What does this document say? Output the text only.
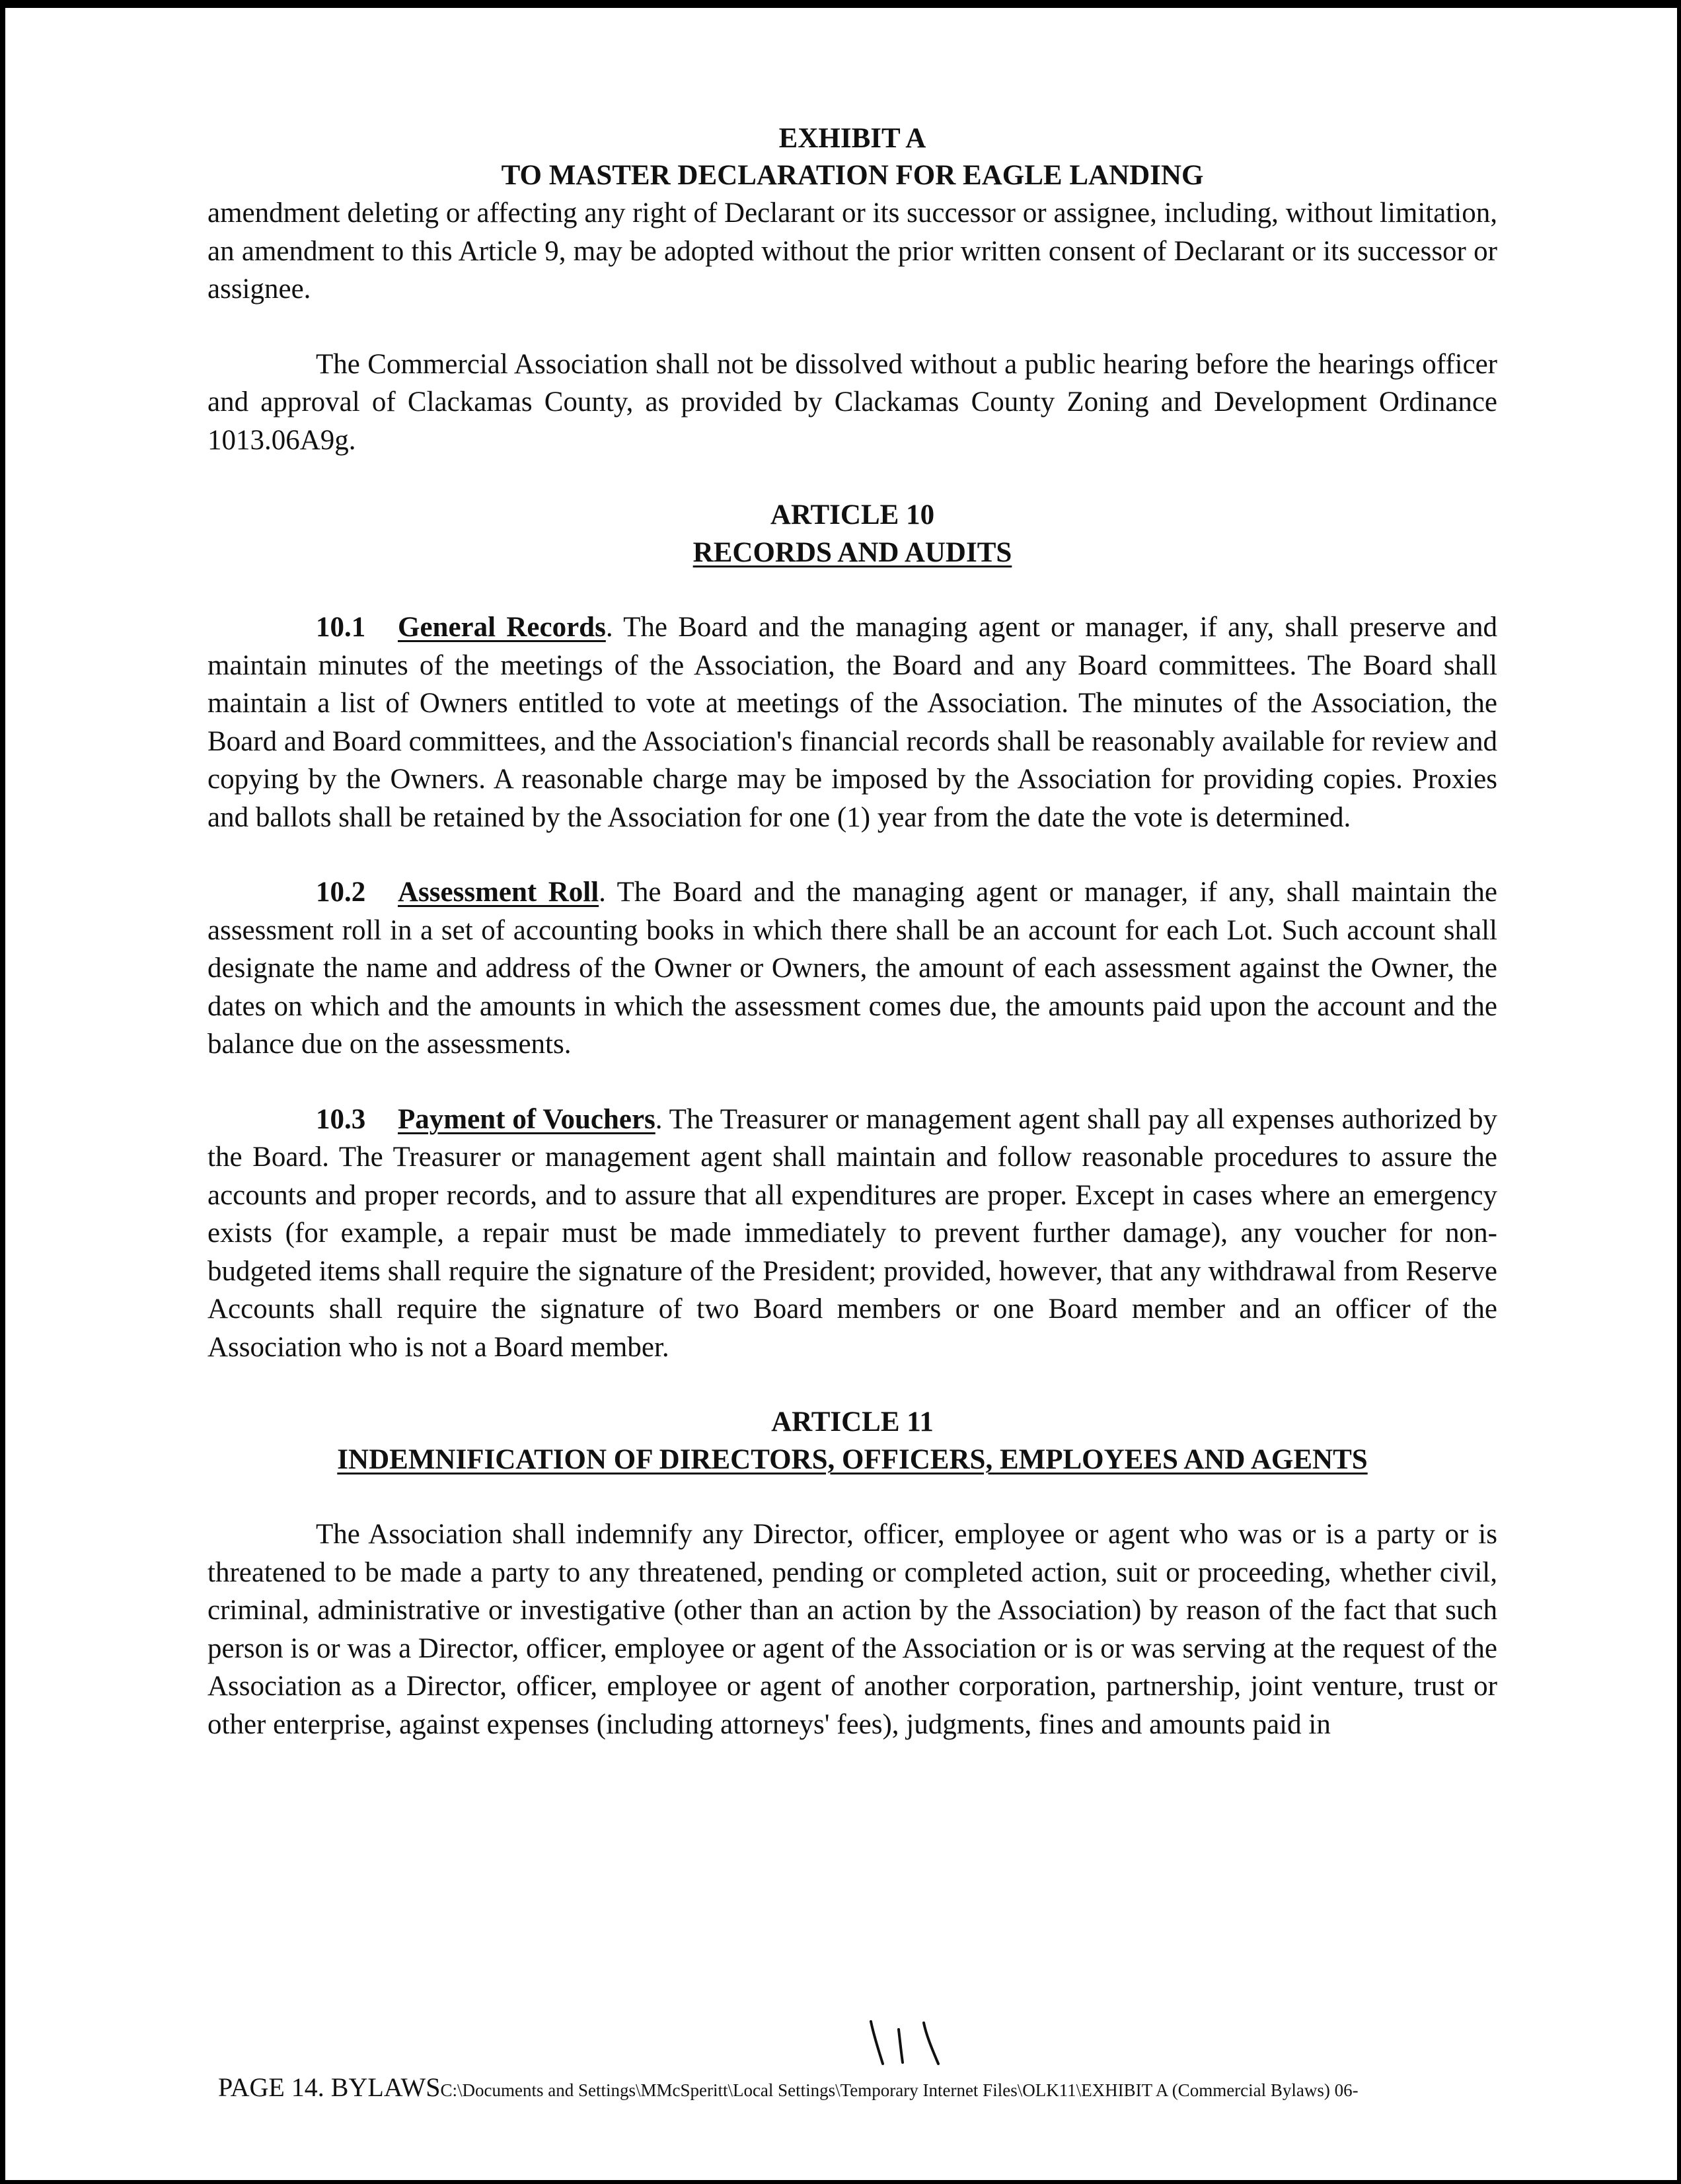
EXHIBIT A

TO MASTER DECLARATION FOR EAGLE LANDING

amendment deleting or affecting any right of Declarant or its successor or assignee, including, without limitation, an amendment to this Article 9, may be adopted without the prior written consent of Declarant or its successor or assignee.

The Commercial Association shall not be dissolved without a public hearing before the hearings officer and approval of Clackamas County, as provided by Clackamas County Zoning and Development Ordinance 1013.06A9g.

ARTICLE 10

RECORDS AND AUDITS

10.1 General Records. The Board and the managing agent or manager, if any, shall preserve and maintain minutes of the meetings of the Association, the Board and any Board committees. The Board shall maintain a list of Owners entitled to vote at meetings of the Association. The minutes of the Association, the Board and Board committees, and the Association's financial records shall be reasonably available for review and copying by the Owners. A reasonable charge may be imposed by the Association for providing copies. Proxies and ballots shall be retained by the Association for one (1) year from the date the vote is determined.

10.2 Assessment Roll. The Board and the managing agent or manager, if any, shall maintain the assessment roll in a set of accounting books in which there shall be an account for each Lot. Such account shall designate the name and address of the Owner or Owners, the amount of each assessment against the Owner, the dates on which and the amounts in which the assessment comes due, the amounts paid upon the account and the balance due on the assessments.

10.3 Payment of Vouchers. The Treasurer or management agent shall pay all expenses authorized by the Board. The Treasurer or management agent shall maintain and follow reasonable procedures to assure the accounts and proper records, and to assure that all expenditures are proper. Except in cases where an emergency exists (for example, a repair must be made immediately to prevent further damage), any voucher for non-budgeted items shall require the signature of the President; provided, however, that any withdrawal from Reserve Accounts shall require the signature of two Board members or one Board member and an officer of the Association who is not a Board member.

ARTICLE 11

INDEMNIFICATION OF DIRECTORS, OFFICERS, EMPLOYEES AND AGENTS

The Association shall indemnify any Director, officer, employee or agent who was or is a party or is threatened to be made a party to any threatened, pending or completed action, suit or proceeding, whether civil, criminal, administrative or investigative (other than an action by the Association) by reason of the fact that such person is or was a Director, officer, employee or agent of the Association or is or was serving at the request of the Association as a Director, officer, employee or agent of another corporation, partnership, joint venture, trust or other enterprise, against expenses (including attorneys' fees), judgments, fines and amounts paid in

PAGE 14. BYLAWSC:\Documents and Settings\MMcSperitt\Local Settings\Temporary Internet Files\OLK11\EXHIBIT A (Commercial Bylaws) 06-
